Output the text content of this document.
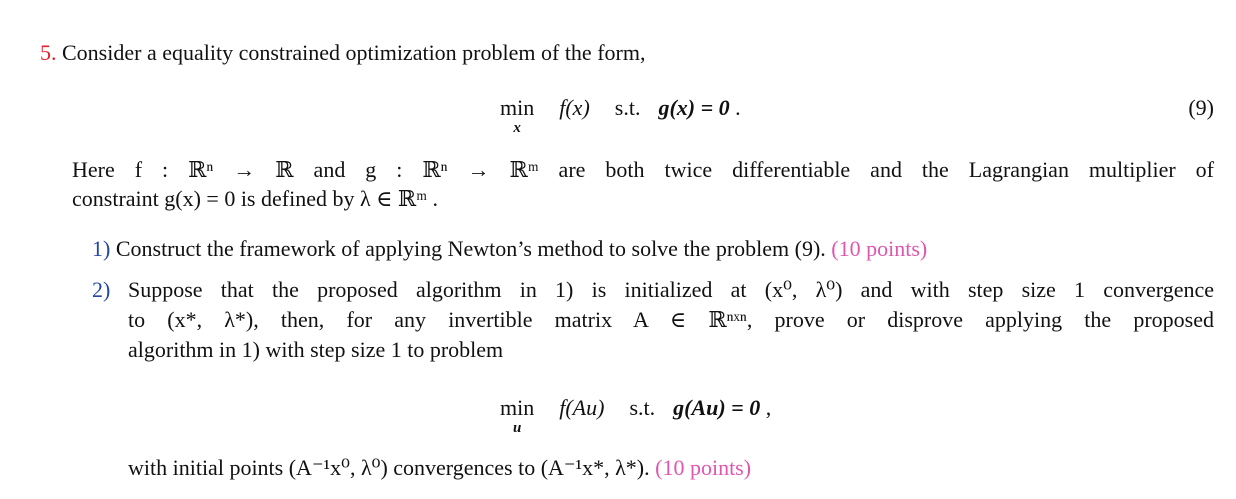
5. Consider a equality constrained optimization problem of the form,
min
x
f(x) s.t. g(x) = 0 .	(9)
Here f : ℝⁿ → ℝ and g : ℝⁿ → ℝᵐ are both twice differentiable and the Lagrangian multiplier of
constraint g(x) = 0 is defined by λ ∈ ℝᵐ .
1) Construct the framework of applying Newton’s method to solve the problem (9). (10 points)
2) Suppose that the proposed algorithm in 1) is initialized at (x⁰, λ⁰) and with step size 1 convergence
to (x*, λ*), then, for any invertible matrix A ∈ ℝⁿˣⁿ, prove or disprove applying the proposed
algorithm in 1) with step size 1 to problem
min
u
f(Au) s.t. g(Au) = 0 ,
with initial points (A⁻¹x⁰, λ⁰) convergences to (A⁻¹x*, λ*). (10 points)
